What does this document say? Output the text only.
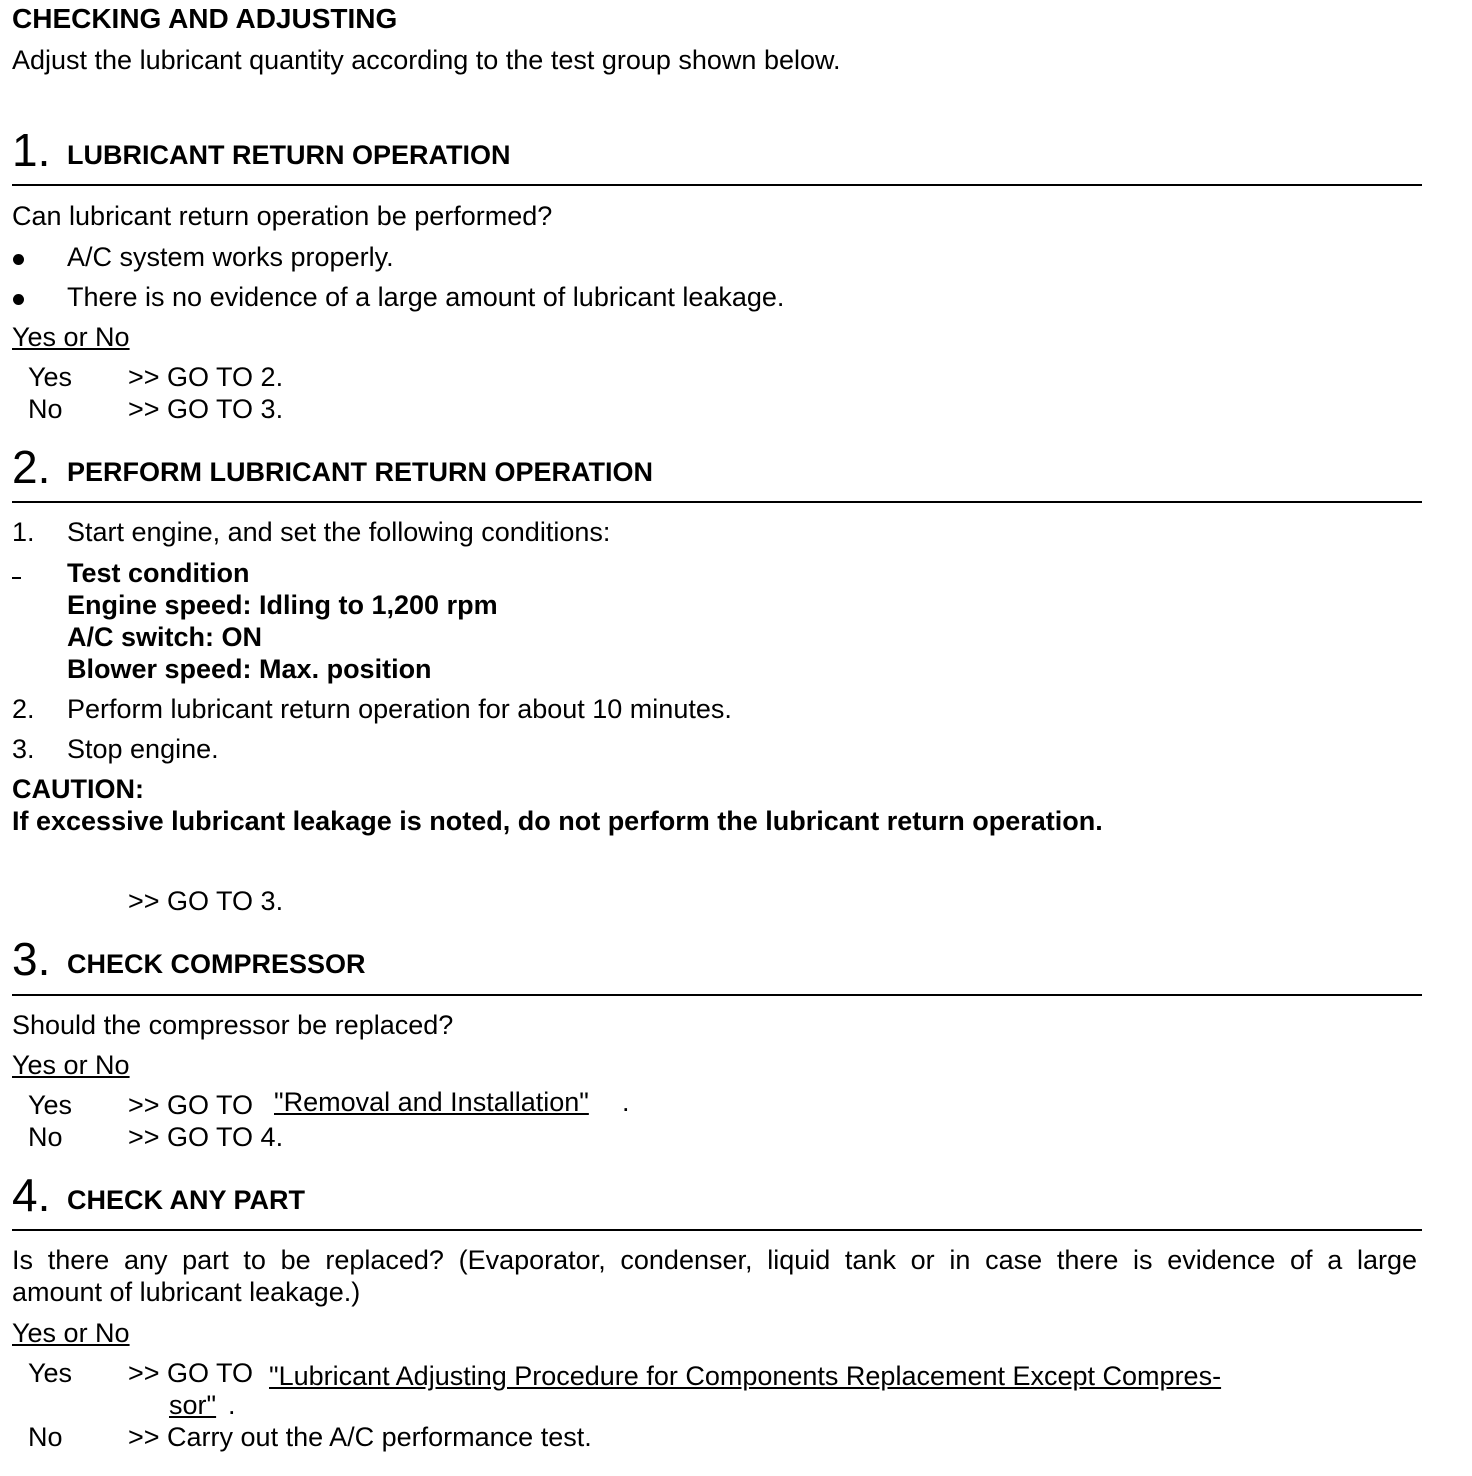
CHECKING AND ADJUSTING
Adjust the lubricant quantity according to the test group shown below.
1. LUBRICANT RETURN OPERATION
Can lubricant return operation be performed?
A/C system works properly.
There is no evidence of a large amount of lubricant leakage.
Yes or No
Yes >> GO TO 2.
No >> GO TO 3.
2. PERFORM LUBRICANT RETURN OPERATION
1. Start engine, and set the following conditions:
Test condition
Engine speed: Idling to 1,200 rpm
A/C switch: ON
Blower speed: Max. position
2. Perform lubricant return operation for about 10 minutes.
3. Stop engine.
CAUTION:
If excessive lubricant leakage is noted, do not perform the lubricant return operation.
>> GO TO 3.
3. CHECK COMPRESSOR
Should the compressor be replaced?
Yes or No
Yes >> GO TO "Removal and Installation" .
No >> GO TO 4.
4. CHECK ANY PART
Is there any part to be replaced? (Evaporator, condenser, liquid tank or in case there is evidence of a large
amount of lubricant leakage.)
Yes or No
Yes >> GO TO "Lubricant Adjusting Procedure for Components Replacement Except Compres-
sor" .
No >> Carry out the A/C performance test.
